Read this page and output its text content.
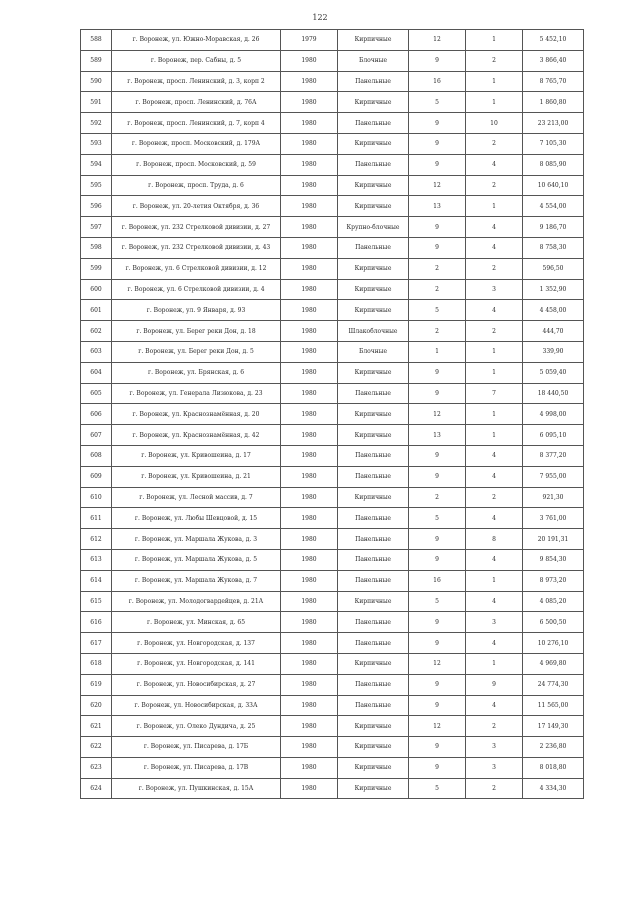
122
588	г. Воронеж, ул. Южно-Моравская, д. 26	1979	Кирпичные	12	1	5 452,10
589	г. Воронеж, пер. Сабны, д. 5	1980	Блочные	9	2	3 866,40
590	г. Воронеж, просп. Ленинский, д. 3, корп 2	1980	Панельные	16	1	8 765,70
591	г. Воронеж, просп. Ленинский, д. 76А	1980	Кирпичные	5	1	1 860,80
592	г. Воронеж, просп. Ленинский, д. 7, корп 4	1980	Панельные	9	10	23 213,00
593	г. Воронеж, просп. Московский, д. 179А	1980	Кирпичные	9	2	7 105,30
594	г. Воронеж, просп. Московский, д. 59	1980	Панельные	9	4	8 085,90
595	г. Воронеж, просп. Труда, д. 6	1980	Кирпичные	12	2	10 640,10
596	г. Воронеж, ул. 20-летия Октября, д. 36	1980	Кирпичные	13	1	4 554,00
597	г. Воронеж, ул. 232 Стрелковой дивизии, д. 27	1980	Крупно-блочные	9	4	9 186,70
598	г. Воронеж, ул. 232 Стрелковой дивизии, д. 43	1980	Панельные	9	4	8 758,30
599	г. Воронеж, ул. 6 Стрелковой дивизии, д. 12	1980	Кирпичные	2	2	596,50
600	г. Воронеж, ул. 6 Стрелковой дивизии, д. 4	1980	Кирпичные	2	3	1 352,90
601	г. Воронеж, ул. 9 Января, д. 93	1980	Кирпичные	5	4	4 458,00
602	г. Воронеж, ул. Берег реки Дон, д. 18	1980	Шлакоблочные	2	2	444,70
603	г. Воронеж, ул. Берег реки Дон, д. 5	1980	Блочные	1	1	339,90
604	г. Воронеж, ул. Брянская, д. 6	1980	Кирпичные	9	1	5 059,40
605	г. Воронеж, ул. Генерала Лизюкова, д. 23	1980	Панельные	9	7	18 440,50
606	г. Воронеж, ул. Краснознамённая, д. 20	1980	Кирпичные	12	1	4 998,00
607	г. Воронеж, ул. Краснознамённая, д. 42	1980	Кирпичные	13	1	6 095,10
608	г. Воронеж, ул. Кривошеина, д. 17	1980	Панельные	9	4	8 377,20
609	г. Воронеж, ул. Кривошеина, д. 21	1980	Панельные	9	4	7 955,00
610	г. Воронеж, ул. Лесной массив, д. 7	1980	Кирпичные	2	2	921,30
611	г. Воронеж, ул. Любы Шевцовой, д. 15	1980	Панельные	5	4	3 761,00
612	г. Воронеж, ул. Маршала Жукова, д. 3	1980	Панельные	9	8	20 191,31
613	г. Воронеж, ул. Маршала Жукова, д. 5	1980	Панельные	9	4	9 854,30
614	г. Воронеж, ул. Маршала Жукова, д. 7	1980	Панельные	16	1	8 973,20
615	г. Воронеж, ул. Молодогвардейцев, д. 21А	1980	Кирпичные	5	4	4 085,20
616	г. Воронеж, ул. Минская, д. 65	1980	Панельные	9	3	6 500,50
617	г. Воронеж, ул. Новгородская, д. 137	1980	Панельные	9	4	10 276,10
618	г. Воронеж, ул. Новгородская, д. 141	1980	Кирпичные	12	1	4 969,80
619	г. Воронеж, ул. Новосибирская, д. 27	1980	Панельные	9	9	24 774,30
620	г. Воронеж, ул. Новосибирская, д. 33А	1980	Панельные	9	4	11 565,00
621	г. Воронеж, ул. Олеко Дундича, д. 25	1980	Кирпичные	12	2	17 149,30
622	г. Воронеж, ул. Писарева, д. 17Б	1980	Кирпичные	9	3	2 236,80
623	г. Воронеж, ул. Писарева, д. 17В	1980	Кирпичные	9	3	8 018,80
624	г. Воронеж, ул. Пушкинская, д. 15А	1980	Кирпичные	5	2	4 334,30
